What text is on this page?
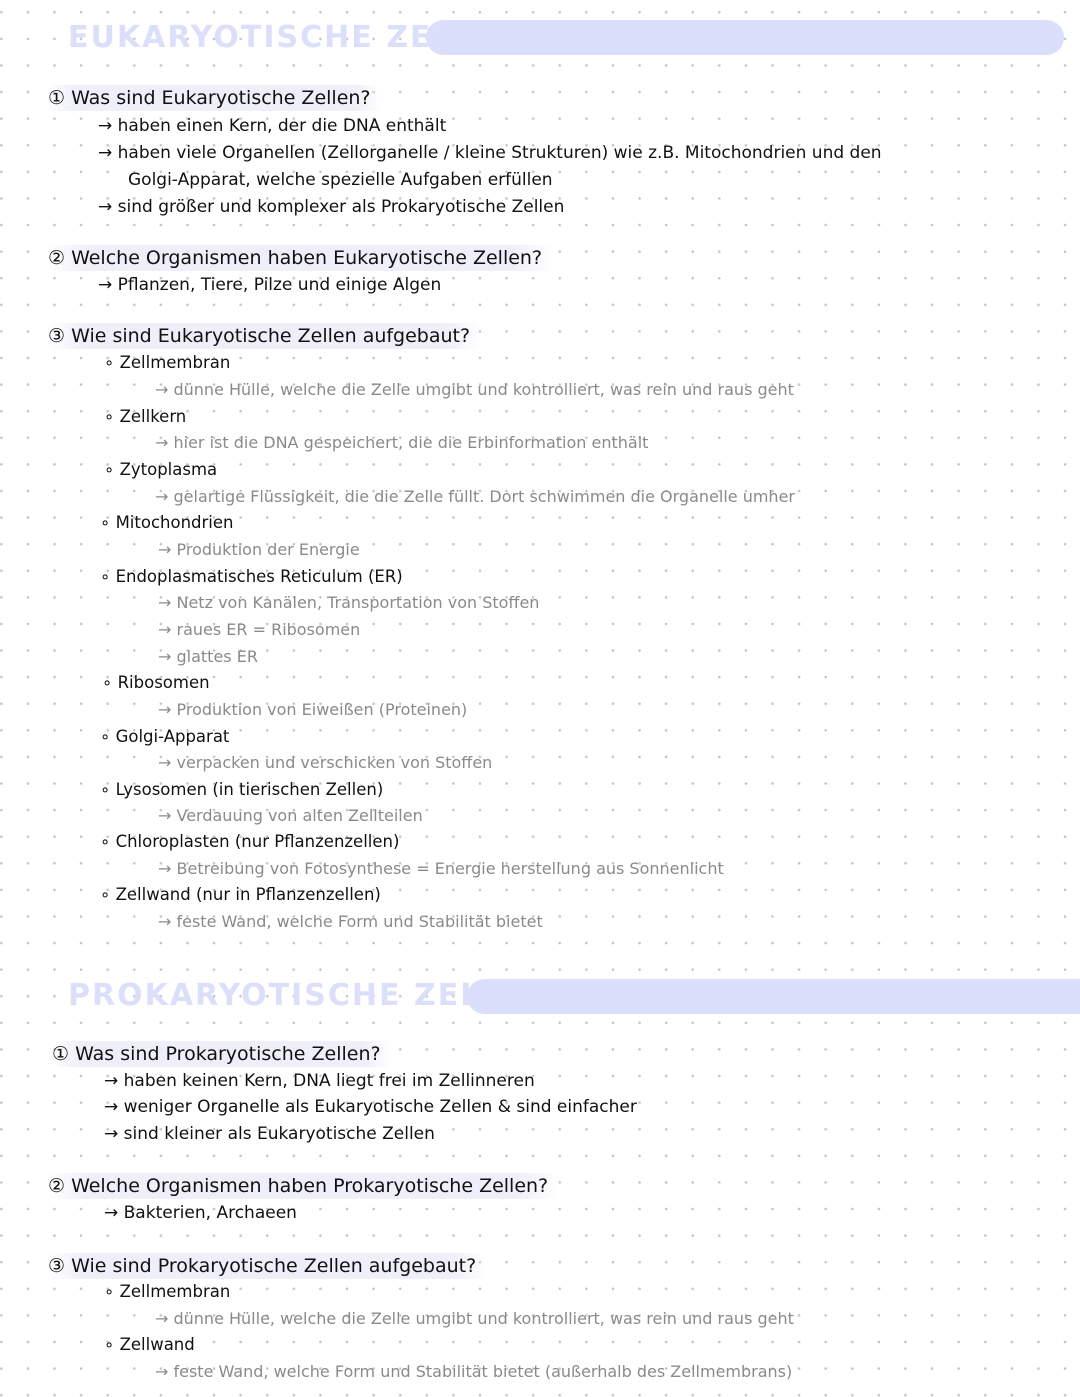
EUKARYOTISCHE ZELLE
① Was sind Eukaryotische Zellen?
→ haben einen Kern, der die DNA enthält
→ haben viele Organellen (Zellorganelle / kleine Strukturen) wie z.B. Mitochondrien und den
Golgi-Apparat, welche spezielle Aufgaben erfüllen
→ sind größer und komplexer als Prokaryotische Zellen
② Welche Organismen haben Eukaryotische Zellen?
→ Pflanzen, Tiere, Pilze und einige Algen
③ Wie sind Eukaryotische Zellen aufgebaut?
∘ Zellmembran
→ dünne Hülle, welche die Zelle umgibt und kontrolliert, was rein und raus geht
∘ Zellkern
→ hier ist die DNA gespeichert, die die Erbinformation enthält
∘ Zytoplasma
→ gelartige Flüssigkeit, die die Zelle füllt. Dort schwimmen die Organelle umher
∘ Mitochondrien
→ Produktion der Energie
∘ Endoplasmatisches Reticulum (ER)
→ Netz von Kanälen, Transportation von Stoffen
→ raues ER = Ribosomen
→ glattes ER
∘ Ribosomen
→ Produktion von Eiweißen (Proteinen)
∘ Golgi-Apparat
→ verpacken und verschicken von Stoffen
∘ Lysosomen (in tierischen Zellen)
→ Verdauung von alten Zellteilen
∘ Chloroplasten (nur Pflanzenzellen)
→ Betreibung von Fotosynthese = Energie herstellung aus Sonnenlicht
∘ Zellwand (nur in Pflanzenzellen)
→ feste Wand, welche Form und Stabilität bietet
PROKARYOTISCHE ZELLE
① Was sind Prokaryotische Zellen?
→ haben keinen Kern, DNA liegt frei im Zellinneren
→ weniger Organelle als Eukaryotische Zellen & sind einfacher
→ sind kleiner als Eukaryotische Zellen
② Welche Organismen haben Prokaryotische Zellen?
→ Bakterien, Archaeen
③ Wie sind Prokaryotische Zellen aufgebaut?
∘ Zellmembran
→ dünne Hülle, welche die Zelle umgibt und kontrolliert, was rein und raus geht
∘ Zellwand
→ feste Wand, welche Form und Stabilität bietet (außerhalb des Zellmembrans)
